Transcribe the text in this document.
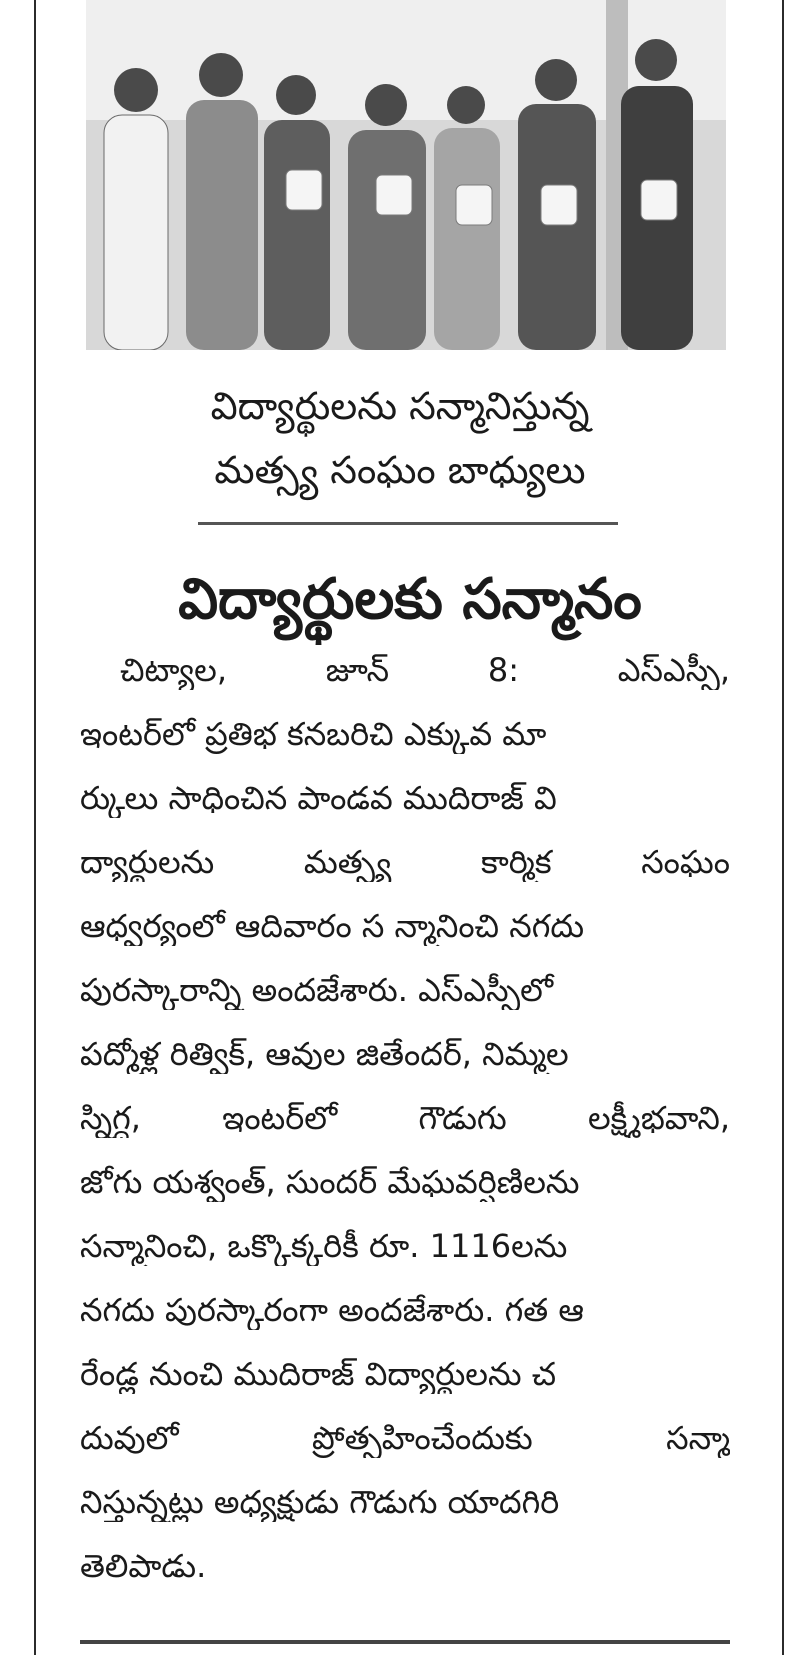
విద్యార్థులను సన్మానిస్తున్న
మత్స్య సంఘం బాధ్యులు
విద్యార్థులకు సన్మానం
చిట్యాల, జూన్ 8: ఎస్ఎస్సీ,
ఇంటర్‌లో ప్రతిభ కనబరిచి ఎక్కువ మా
ర్కులు సాధించిన పాండవ ముదిరాజ్ వి
ద్యార్థులను మత్స్య కార్మిక సంఘం
ఆధ్వర్యంలో ఆదివారం స న్మానించి నగదు
పురస్కారాన్ని అందజేశారు. ఎస్ఎస్సీలో
పద్మోళ్ల రిత్విక్, ఆవుల జితేందర్, నిమ్మల
స్నిగ్ధ, ఇంటర్‌లో గౌడుగు లక్ష్మీభవాని,
జోగు యశ్వంత్, సుందర్ మేఘవర్షిణిలను
సన్మానించి, ఒక్కొక్కరికీ రూ. 1116లను
నగదు పురస్కారంగా అందజేశారు. గత ఆ
రేండ్ల నుంచి ముదిరాజ్ విద్యార్థులను చ
దువులో ప్రోత్సహించేందుకు సన్మా
నిస్తున్నట్లు అధ్యక్షుడు గౌడుగు యాదగిరి
తెలిపాడు.
